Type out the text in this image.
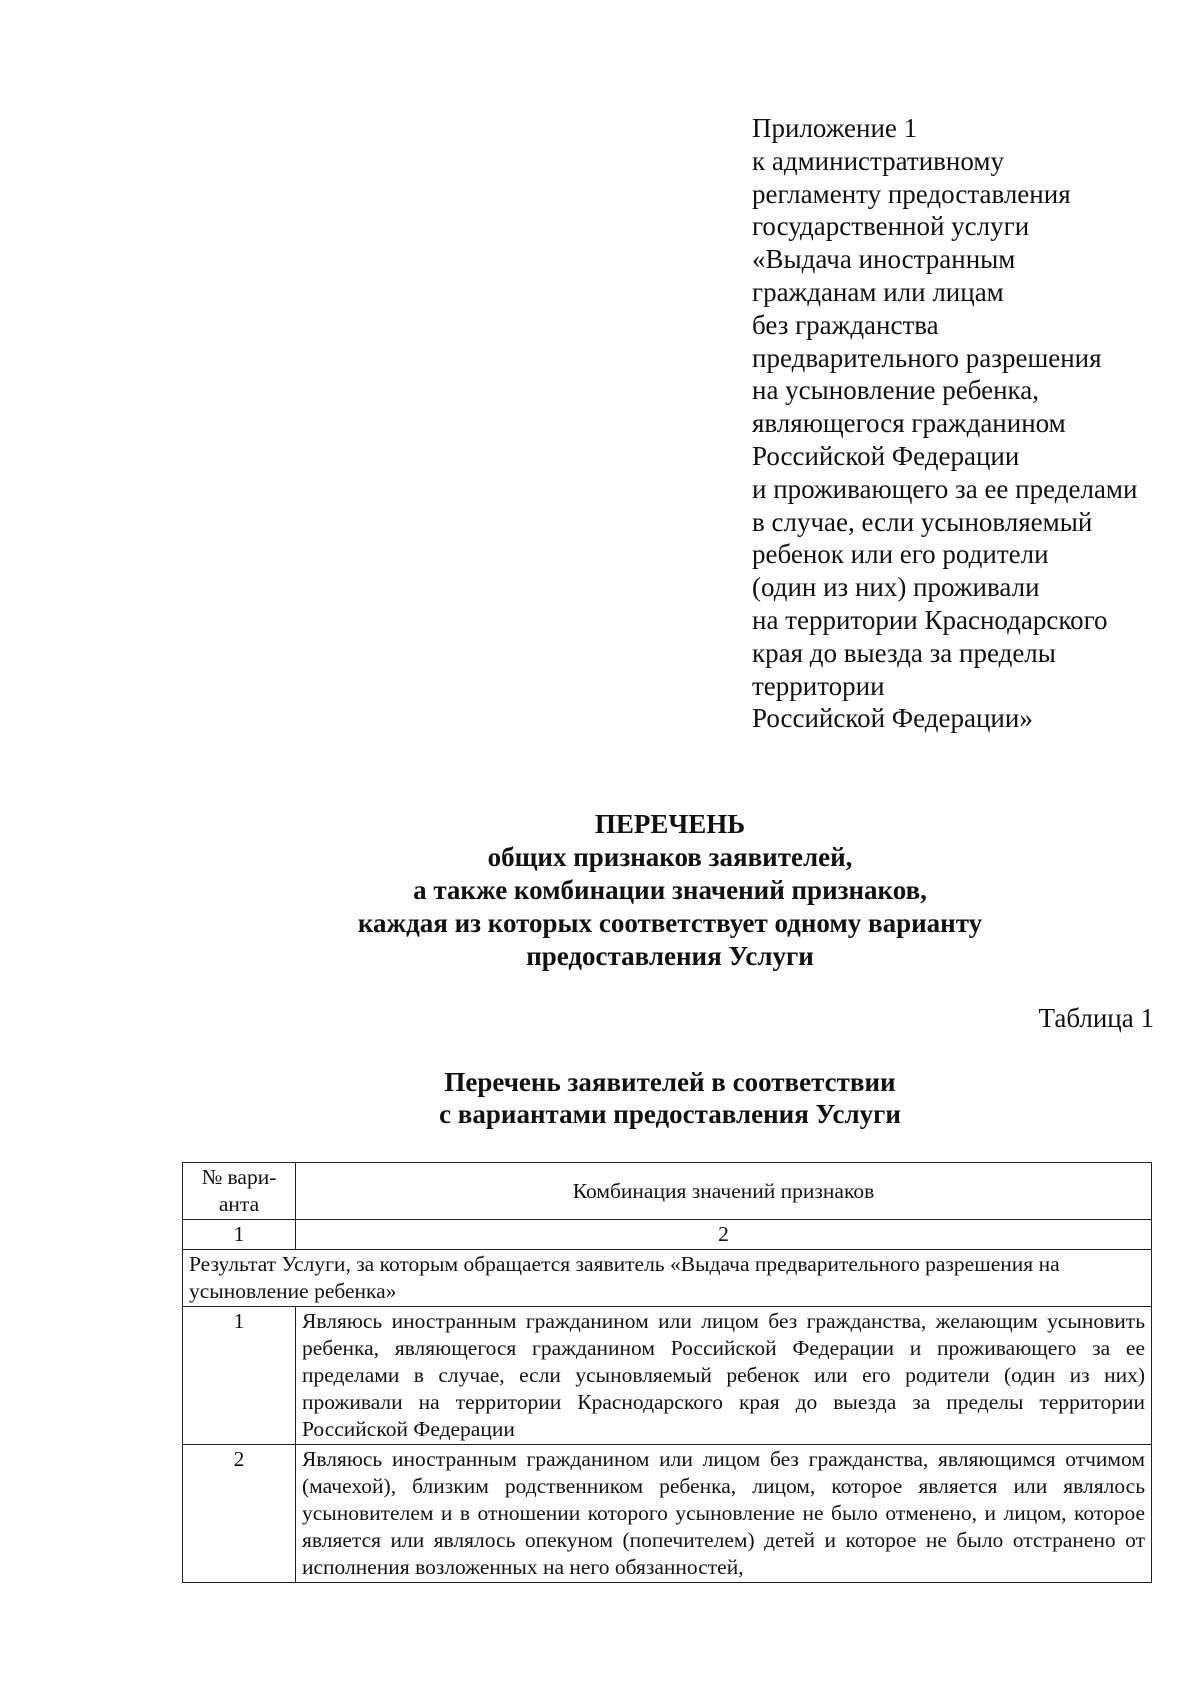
Приложение 1
к административному
регламенту предоставления
государственной услуги
«Выдача иностранным
гражданам или лицам
без гражданства
предварительного разрешения
на усыновление ребенка,
являющегося гражданином
Российской Федерации
и проживающего за ее пределами
в случае, если усыновляемый
ребенок или его родители
(один из них) проживали
на территории Краснодарского
края до выезда за пределы
территории
Российской Федерации»
ПЕРЕЧЕНЬ
общих признаков заявителей,
а также комбинации значений признаков,
каждая из которых соответствует одному варианту
предоставления Услуги
Таблица 1
Перечень заявителей в соответствии
с вариантами предоставления Услуги
№ вари-анта	Комбинация значений признаков
1	2
Результат Услуги, за которым обращается заявитель «Выдача предварительного разрешения на усыновление ребенка»	
1	Являюсь иностранным гражданином или лицом без гражданства, желающим усыновить ребенка, являющегося гражданином Российской Федерации и проживающего за ее пределами в случае, если усыновляемый ребенок или его родители (один из них) проживали на территории Краснодарского края до выезда за пределы территории Российской Федерации
2	Являюсь иностранным гражданином или лицом без гражданства, являющимся отчимом (мачехой), близким родственником ребенка, лицом, которое является или являлось усыновителем и в отношении которого усыновление не было отменено, и лицом, которое является или являлось опекуном (попечителем) детей и которое не было отстранено от исполнения возложенных на него обязанностей,
